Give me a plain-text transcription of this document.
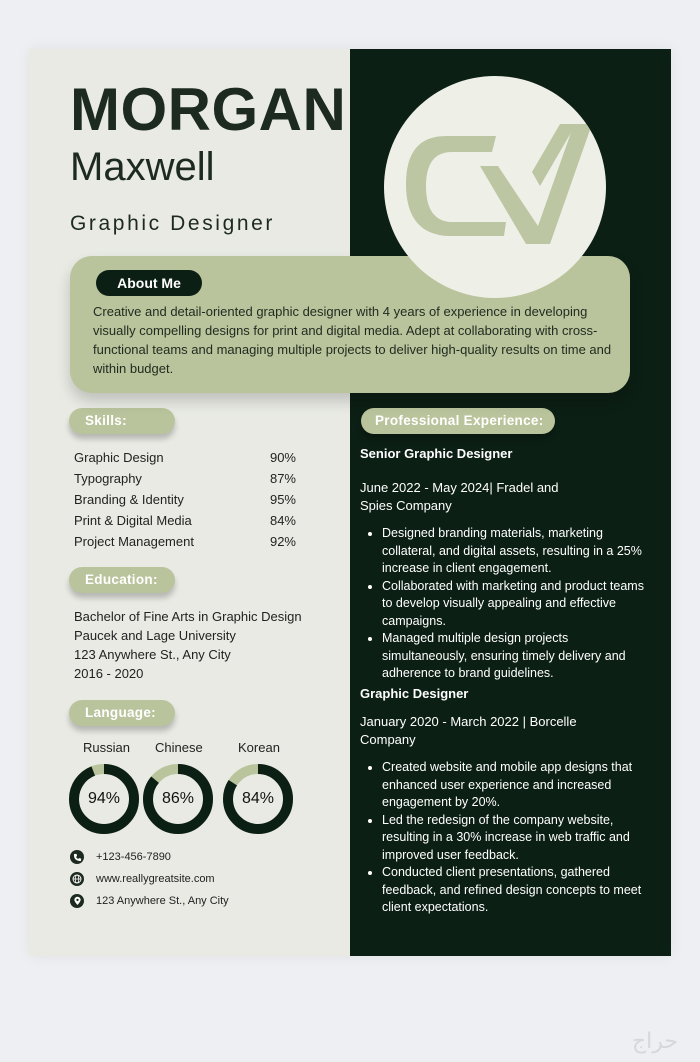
MORGAN
Maxwell
Graphic Designer
About Me
Creative and detail-oriented graphic designer with 4 years of experience in developing visually compelling designs for print and digital media. Adept at collaborating with cross-functional teams and managing multiple projects to deliver high-quality results on time and within budget.
Skills:
Graphic Design	90%
Typography	87%
Branding & Identity	95%
Print & Digital Media	84%
Project Management	92%
Education:
Bachelor of Fine Arts in Graphic Design
Paucek and Lage University
123 Anywhere St., Any City
2016 - 2020
Language:
Russian Chinese	Korean
94%	86%	84%
+123-456-7890
www.reallygreatsite.com
123 Anywhere St., Any City
Professional Experience:
Senior Graphic Designer
June 2022 - May 2024| Fradel and Spies Company
• Designed branding materials, marketing collateral, and digital assets, resulting in a 25% increase in client engagement.
• Collaborated with marketing and product teams to develop visually appealing and effective campaigns.
• Managed multiple design projects simultaneously, ensuring timely delivery and adherence to brand guidelines.
Graphic Designer
January 2020 - March 2022 | Borcelle Company
• Created website and mobile app designs that enhanced user experience and increased engagement by 20%.
• Led the redesign of the company website, resulting in a 30% increase in web traffic and improved user feedback.
• Conducted client presentations, gathered feedback, and refined design concepts to meet client expectations.
حراج
